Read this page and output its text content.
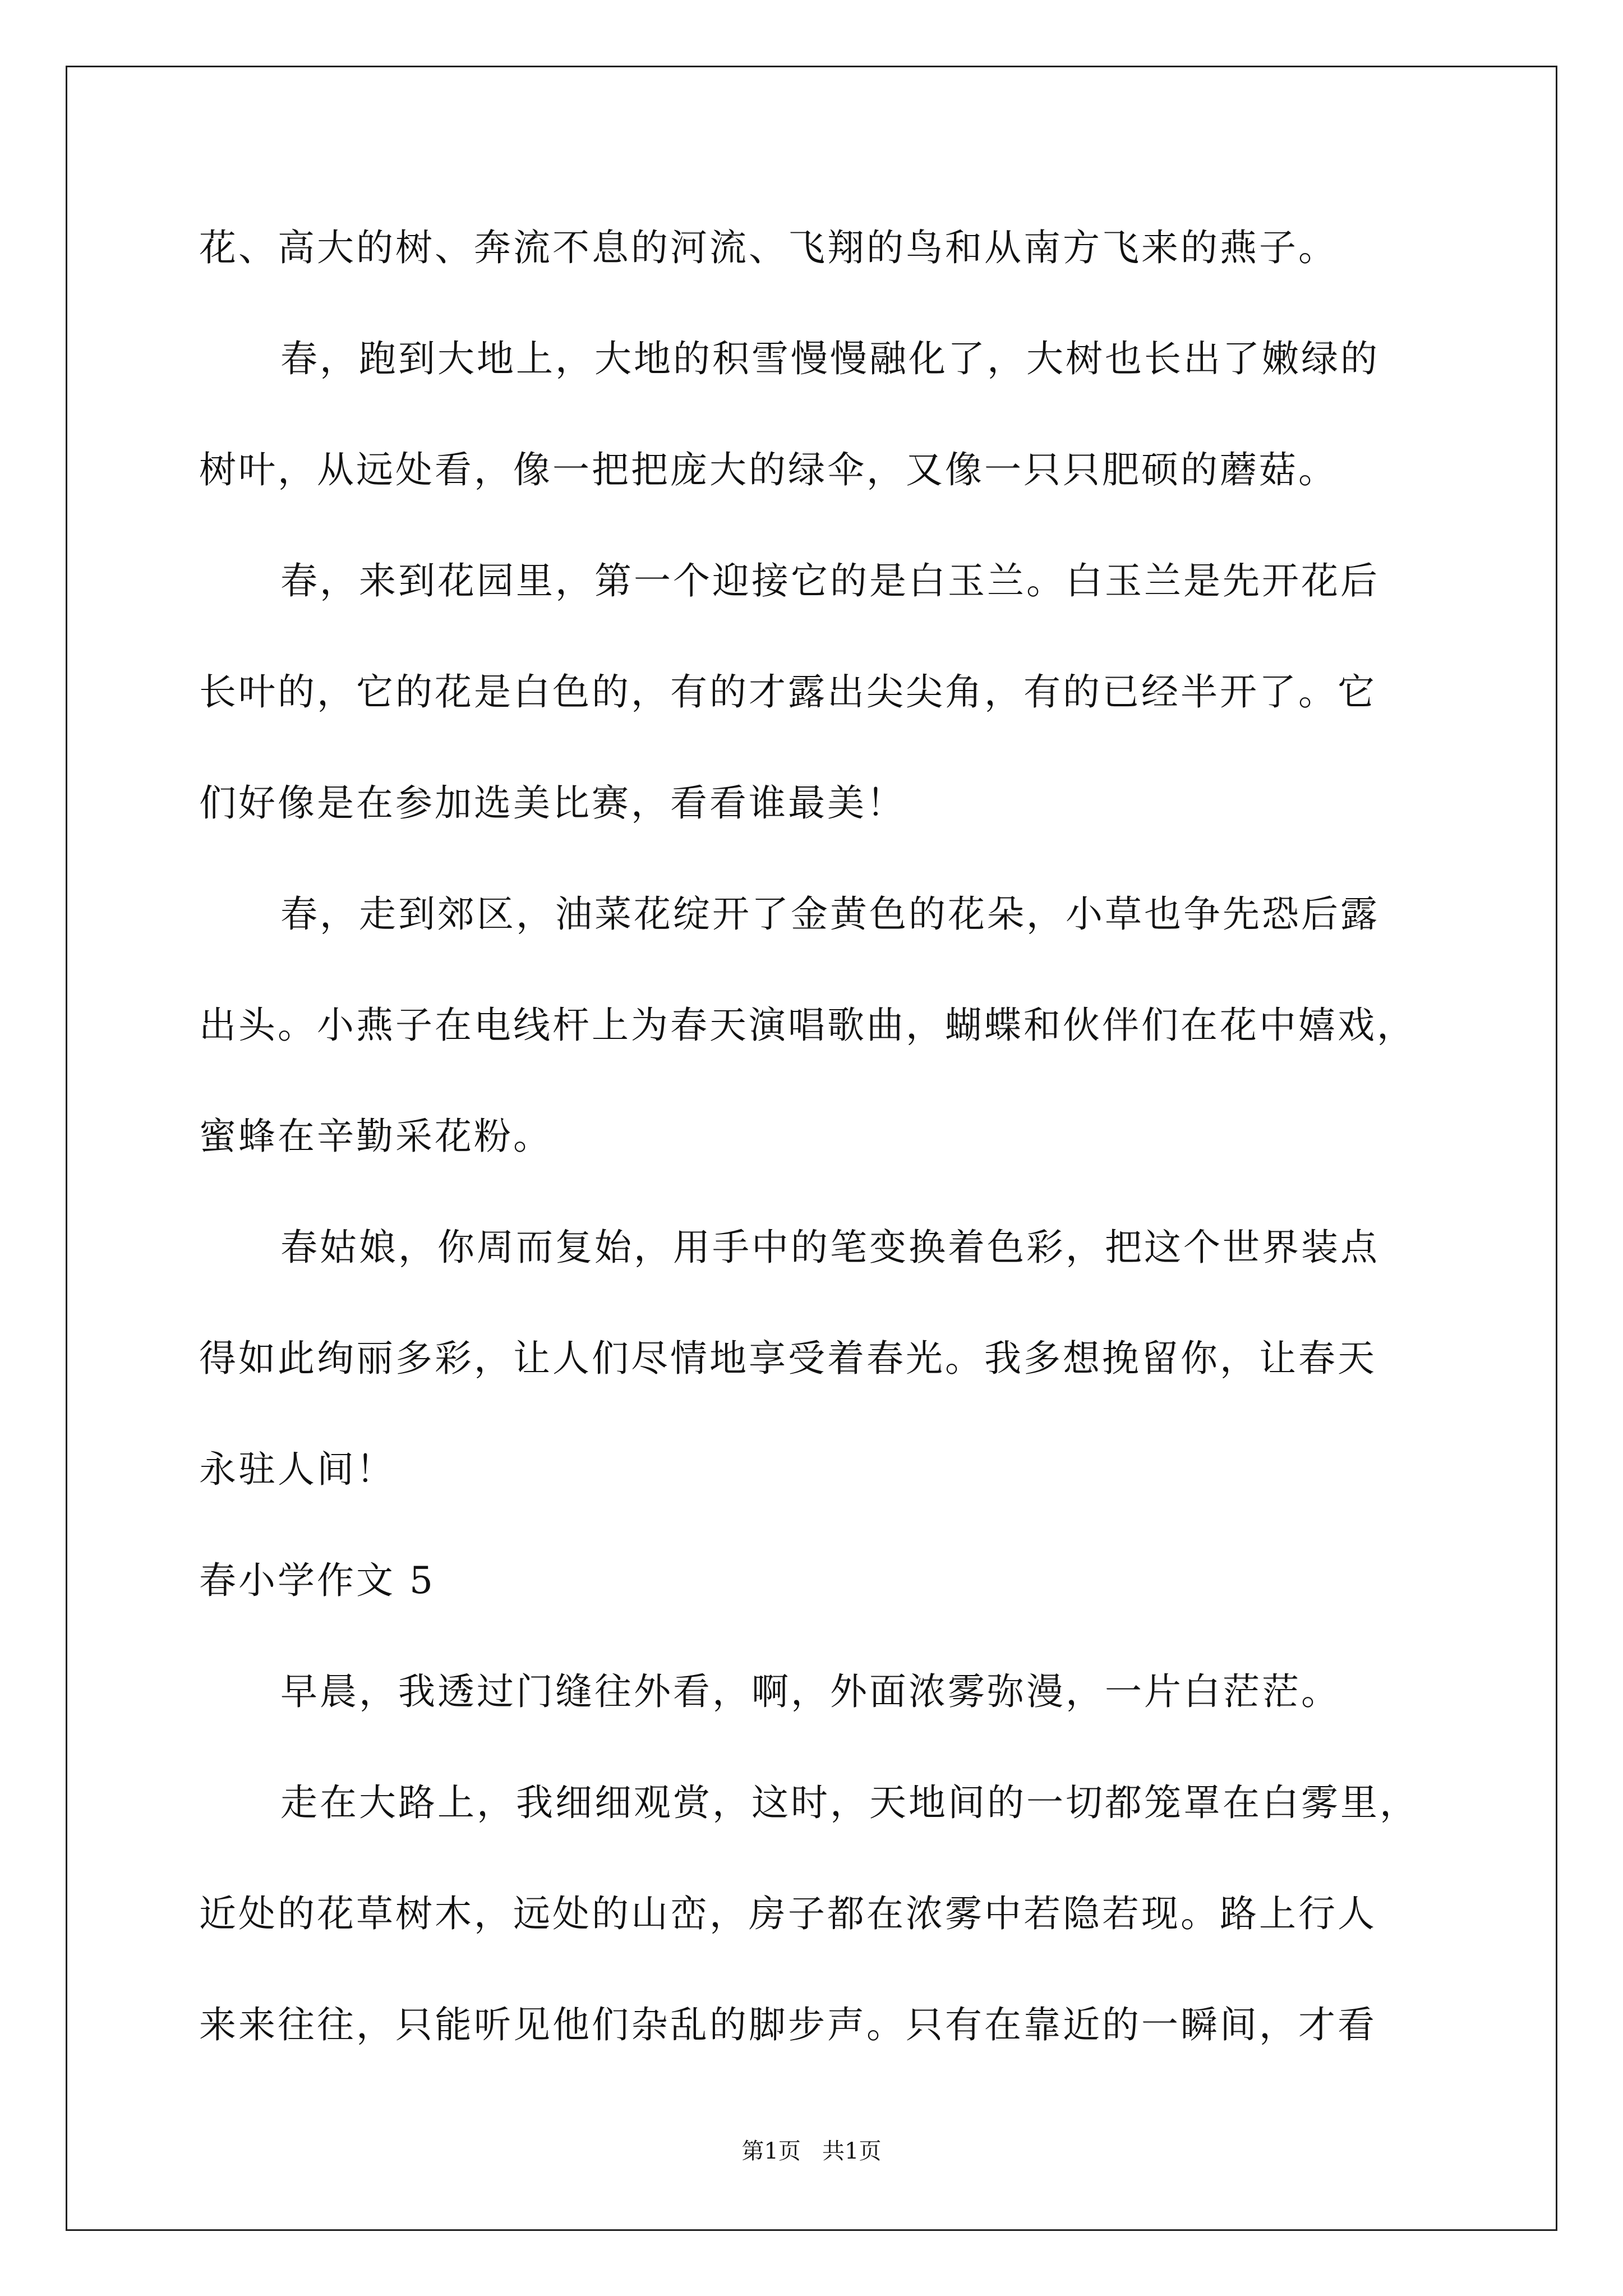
花、高大的树、奔流不息的河流、飞翔的鸟和从南方飞来的燕子。
春，跑到大地上，大地的积雪慢慢融化了，大树也长出了嫩绿的
树叶，从远处看，像一把把庞大的绿伞，又像一只只肥硕的蘑菇。
春，来到花园里，第一个迎接它的是白玉兰。白玉兰是先开花后
长叶的，它的花是白色的，有的才露出尖尖角，有的已经半开了。它
们好像是在参加选美比赛，看看谁最美！
春，走到郊区，油菜花绽开了金黄色的花朵，小草也争先恐后露
出头。小燕子在电线杆上为春天演唱歌曲，蝴蝶和伙伴们在花中嬉戏，
蜜蜂在辛勤采花粉。
春姑娘，你周而复始，用手中的笔变换着色彩，把这个世界装点
得如此绚丽多彩，让人们尽情地享受着春光。我多想挽留你，让春天
永驻人间！
春小学作文 5
早晨，我透过门缝往外看，啊，外面浓雾弥漫，一片白茫茫。
走在大路上，我细细观赏，这时，天地间的一切都笼罩在白雾里，
近处的花草树木，远处的山峦，房子都在浓雾中若隐若现。路上行人
来来往往，只能听见他们杂乱的脚步声。只有在靠近的一瞬间，才看
第1页   共1页
